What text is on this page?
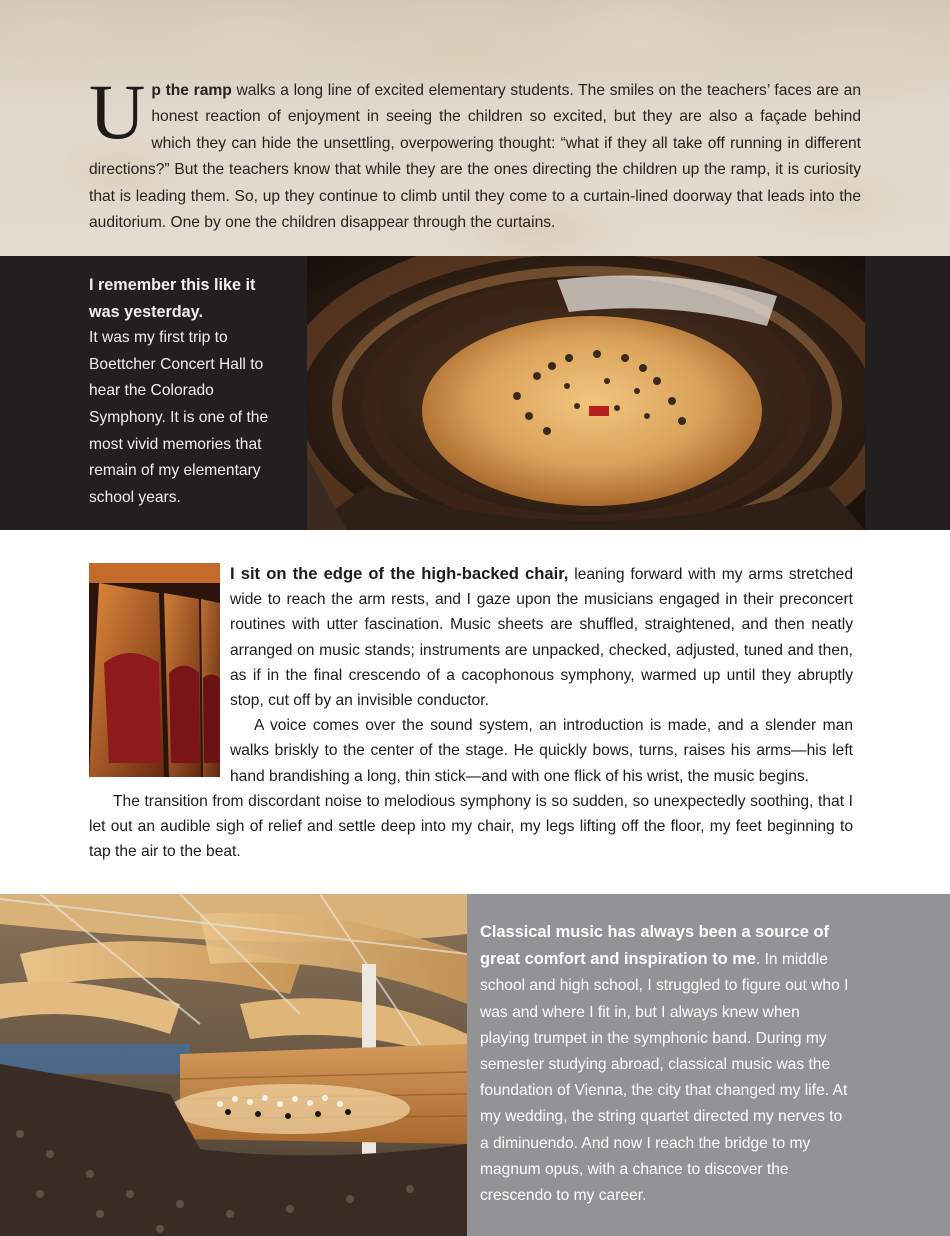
Up the ramp walks a long line of excited elementary students. The smiles on the teachers’ faces are an honest reaction of enjoyment in seeing the children so excited, but they are also a façade behind which they can hide the unsettling, overpowering thought: “what if they all take off running in different directions?” But the teachers know that while they are the ones directing the children up the ramp, it is curiosity that is leading them. So, up they continue to climb until they come to a curtain-lined doorway that leads into the auditorium. One by one the children disappear through the curtains.
I remember this like it was yesterday.
It was my first trip to Boettcher Concert Hall to hear the Colorado Symphony. It is one of the most vivid memories that remain of my elementary school years.

I sit on the edge of the high-backed chair, leaning forward with my arms stretched wide to reach the arm rests, and I gaze upon the musicians engaged in their preconcert routines with utter fascination. Music sheets are shuffled, straightened, and then neatly arranged on music stands; instruments are unpacked, checked, adjusted, tuned and then, as if in the final crescendo of a cacophonous symphony, warmed up until they abruptly stop, cut off by an invisible conductor.

A voice comes over the sound system, an introduction is made, and a slender man walks briskly to the center of the stage. He quickly bows, turns, raises his arms—his left hand brandishing a long, thin stick—and with one flick of his wrist, the music begins.

The transition from discordant noise to melodious symphony is so sudden, so unexpectedly soothing, that I let out an audible sigh of relief and settle deep into my chair, my legs lifting off the floor, my feet beginning to tap the air to the beat.

Classical music has always been a source of great comfort and inspiration to me. In middle school and high school, I struggled to figure out who I was and where I fit in, but I always knew when playing trumpet in the symphonic band. During my semester studying abroad, classical music was the foundation of Vienna, the city that changed my life. At my wedding, the string quartet directed my nerves to a diminuendo. And now I reach the bridge to my magnum opus, with a chance to discover the crescendo to my career.
